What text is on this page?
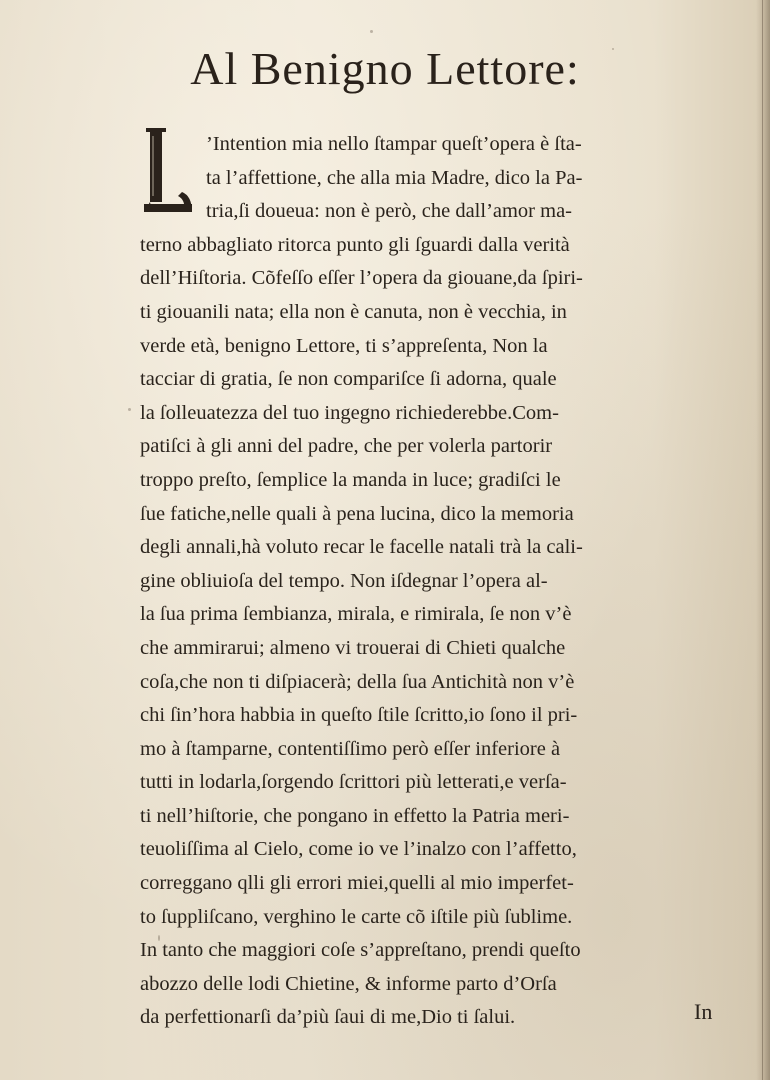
Al Benigno Lettore:
’Intention mia nello ſtampar queſt’opera è ſta-
ta l’affettione, che alla mia Madre, dico la Pa-
tria,ſi doueua: non è però, che dall’amor ma-
terno abbagliato ritorca punto gli ſguardi dalla verità
dell’Hiſtoria. Cõfeſſo eſſer l’opera da giouane,da ſpiri-
ti giouanili nata; ella non è canuta, non è vecchia, in
verde età, benigno Lettore, ti s’appreſenta, Non la
tacciar di gratia, ſe non compariſce ſi adorna, quale
la ſolleuatezza del tuo ingegno richiederebbe.Com-
patiſci à gli anni del padre, che per volerla partorir
troppo preſto, ſemplice la manda in luce; gradiſci le
ſue fatiche,nelle quali à pena lucina, dico la memoria
degli annali,hà voluto recar le facelle natali trà la cali-
gine obliuioſa del tempo. Non iſdegnar l’opera al-
la ſua prima ſembianza, mirala, e rimirala, ſe non v’è
che ammirarui; almeno vi trouerai di Chieti qualche
coſa,che non ti diſpiacerà; della ſua Antichità non v’è
chi ſin’hora habbia in queſto ſtile ſcritto,io ſono il pri-
mo à ſtamparne, contentiſſimo però eſſer inferiore à
tutti in lodarla,ſorgendo ſcrittori più letterati,e verſa-
ti nell’hiſtorie, che pongano in effetto la Patria meri-
teuoliſſima al Cielo, come io ve l’inalzo con l’affetto,
correggano qlli gli errori miei,quelli al mio imperfet-
to ſuppliſcano, verghino le carte cõ iſtile più ſublime.
In tanto che maggiori coſe s’appreſtano, prendi queſto
abozzo delle lodi Chietine, & informe parto d’Orſa
da perfettionarſi da’più ſaui di me,Dio ti ſalui.	In
